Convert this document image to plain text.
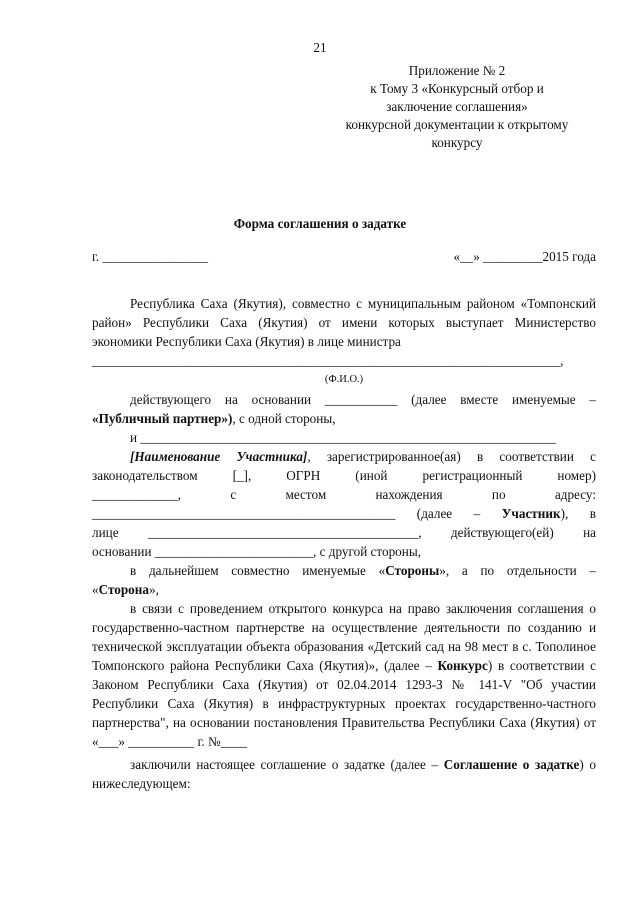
21
Приложение № 2
к Тому 3 «Конкурсный отбор и
заключение соглашения»
конкурсной документации к открытому
конкурсу
Форма соглашения о задатке
г. ________________	«__» _________2015 года

Республика Саха (Якутия), совместно с муниципальным районом «Томпонский район» Республики Саха (Якутия) от имени которых выступает Министерство экономики Республики Саха (Якутия) в лице министра

_______________________________________________________________________,

(Ф.И.О.)

действующего на основании ___________ (далее вместе именуемые –

«Публичный партнер»), с одной стороны,

и _______________________________________________________________

[Наименование Участника], зарегистрированное(ая) в соответствии с

законодательством [_], ОГРН (иной регистрационный номер)

_____________, с местом нахождения по адресу:

______________________________________________ (далее – Участник), в

лице _________________________________________, действующего(ей) на

основании ________________________, с другой стороны,

в дальнейшем совместно именуемые «Стороны», а по отдельности –

«Сторона»,

в связи с проведением открытого конкурса на право заключения соглашения о государственно-частном партнерстве на осуществление деятельности по созданию и технической эксплуатации объекта образования «Детский сад на 98 мест в с. Тополиное Томпонского района Республики Саха (Якутия)», (далее – Конкурс) в соответствии с Законом Республики Саха (Якутия) от 02.04.2014 1293-З № 141-V "Об участии Республики Саха (Якутия) в инфраструктурных проектах государственно-частного партнерства", на основании постановления Правительства Республики Саха (Якутия) от «___» __________ г. №____

заключили настоящее соглашение о задатке (далее – Соглашение о задатке) о нижеследующем:
